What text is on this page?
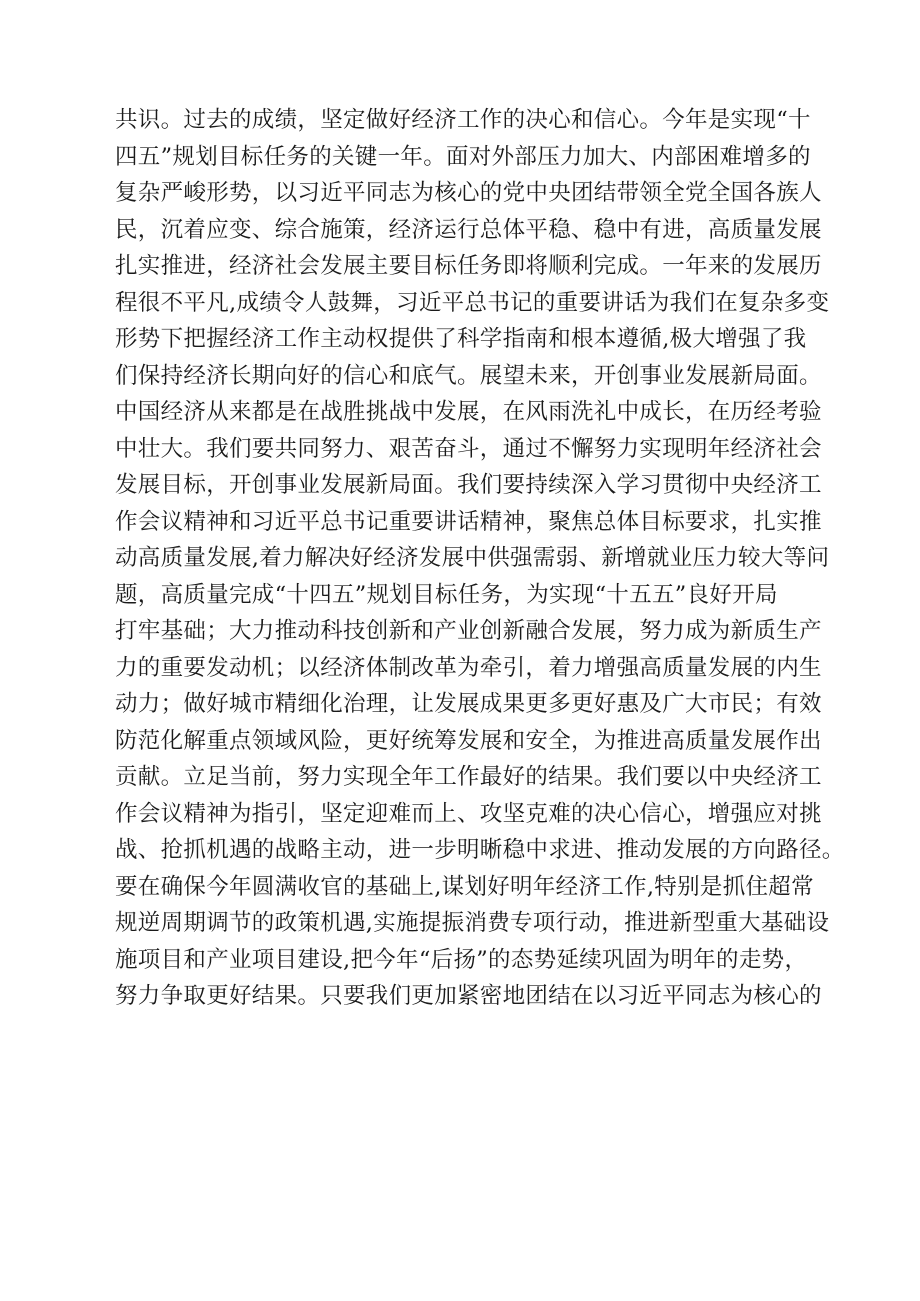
共识。过去的成绩，坚定做好经济工作的决心和信心。今年是实现“十
四五”规划目标任务的关键一年。面对外部压力加大、内部困难增多的
复杂严峻形势，以习近平同志为核心的党中央团结带领全党全国各族人
民，沉着应变、综合施策，经济运行总体平稳、稳中有进，高质量发展
扎实推进，经济社会发展主要目标任务即将顺利完成。一年来的发展历
程很不平凡,成绩令人鼓舞，习近平总书记的重要讲话为我们在复杂多变
形势下把握经济工作主动权提供了科学指南和根本遵循,极大增强了我
们保持经济长期向好的信心和底气。展望未来，开创事业发展新局面。
中国经济从来都是在战胜挑战中发展，在风雨洗礼中成长，在历经考验
中壮大。我们要共同努力、艰苦奋斗，通过不懈努力实现明年经济社会
发展目标，开创事业发展新局面。我们要持续深入学习贯彻中央经济工
作会议精神和习近平总书记重要讲话精神，聚焦总体目标要求，扎实推
动高质量发展,着力解决好经济发展中供强需弱、新增就业压力较大等问
题，高质量完成“十四五”规划目标任务，为实现“十五五”良好开局
打牢基础；大力推动科技创新和产业创新融合发展，努力成为新质生产
力的重要发动机；以经济体制改革为牵引，着力增强高质量发展的内生
动力；做好城市精细化治理，让发展成果更多更好惠及广大市民；有效
防范化解重点领域风险，更好统筹发展和安全，为推进高质量发展作出
贡献。立足当前，努力实现全年工作最好的结果。我们要以中央经济工
作会议精神为指引，坚定迎难而上、攻坚克难的决心信心，增强应对挑
战、抢抓机遇的战略主动，进一步明晰稳中求进、推动发展的方向路径。
要在确保今年圆满收官的基础上,谋划好明年经济工作,特别是抓住超常
规逆周期调节的政策机遇,实施提振消费专项行动，推进新型重大基础设
施项目和产业项目建设,把今年“后扬”的态势延续巩固为明年的走势，
努力争取更好结果。只要我们更加紧密地团结在以习近平同志为核心的
